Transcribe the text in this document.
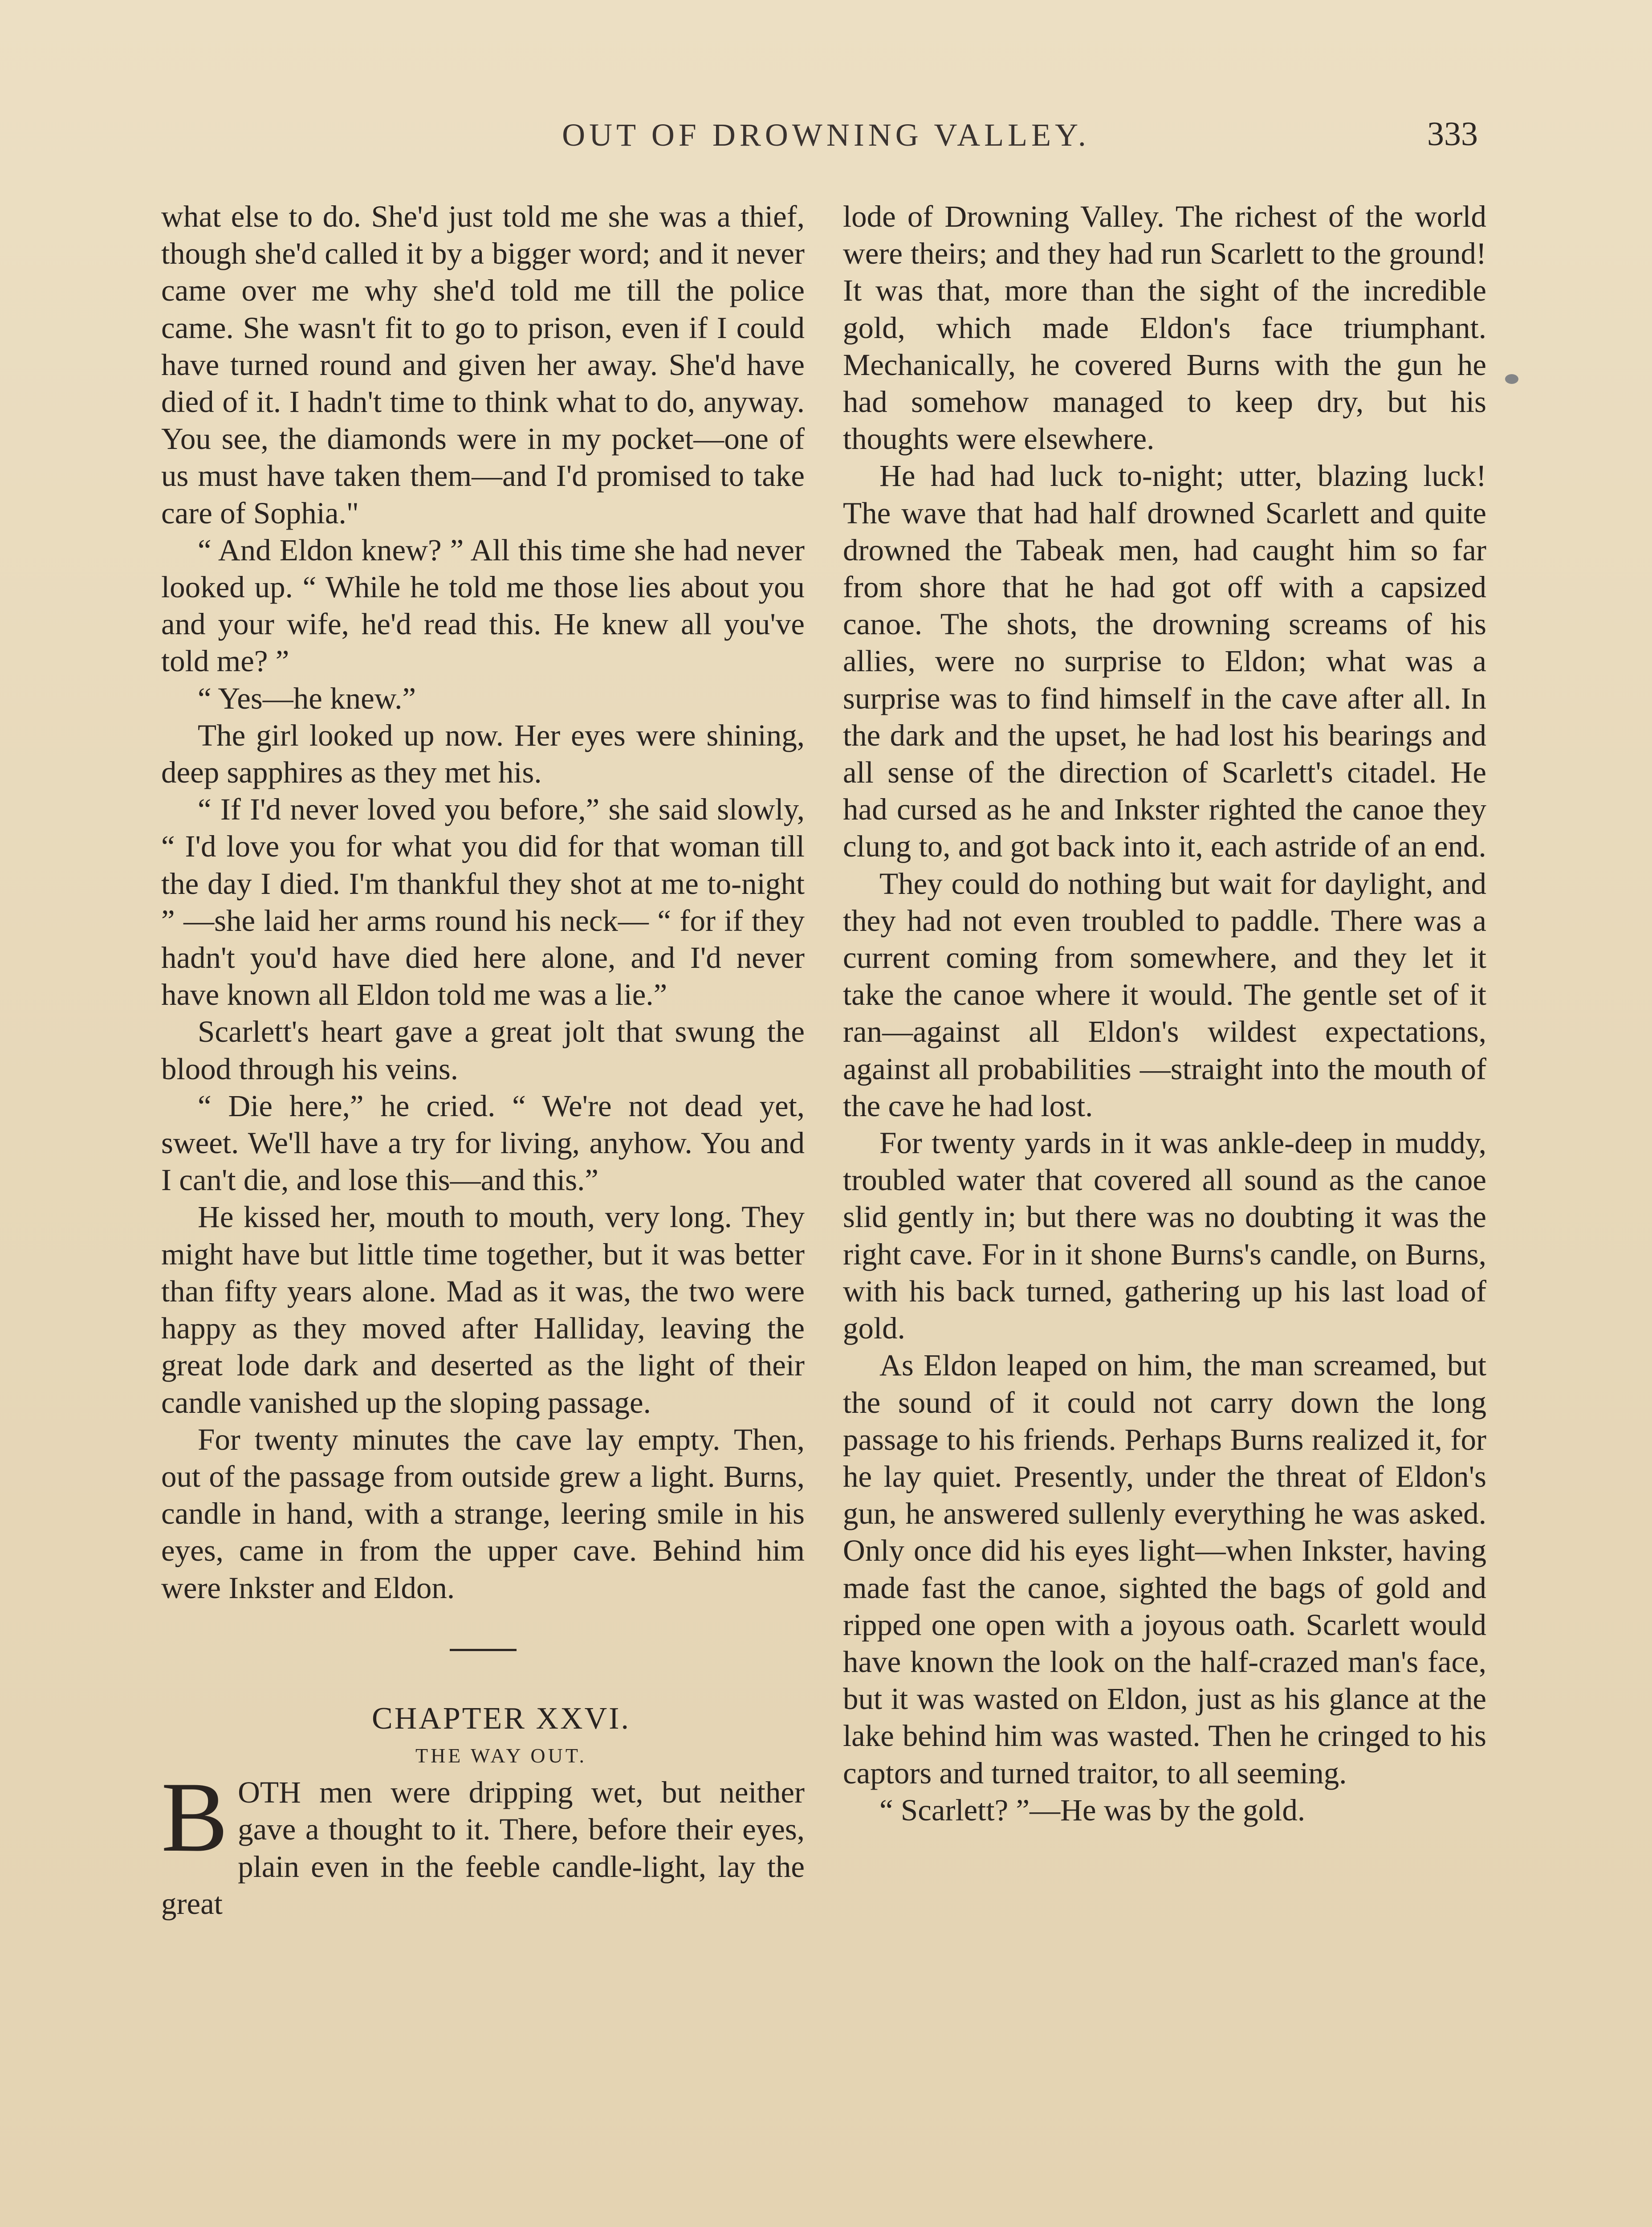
OUT OF DROWNING VALLEY.	333

what else to do. She'd just told me she was a thief, though she'd called it by a bigger word; and it never came over me why she'd told me till the police came. She wasn't fit to go to prison, even if I could have turned round and given her away. She'd have died of it. I hadn't time to think what to do, anyway. You see, the diamonds were in my pocket—one of us must have taken them—and I'd promised to take care of Sophia."

“ And Eldon knew? ” All this time she had never looked up. “ While he told me those lies about you and your wife, he'd read this. He knew all you've told me? ”

“ Yes—he knew.”

The girl looked up now. Her eyes were shining, deep sapphires as they met his.

“ If I'd never loved you before,” she said slowly, “ I'd love you for what you did for that woman till the day I died. I'm thankful they shot at me to-night ” —she laid her arms round his neck— “ for if they hadn't you'd have died here alone, and I'd never have known all Eldon told me was a lie.”

Scarlett's heart gave a great jolt that swung the blood through his veins.

“ Die here,” he cried. “ We're not dead yet, sweet. We'll have a try for living, anyhow. You and I can't die, and lose this—and this.”

He kissed her, mouth to mouth, very long. They might have but little time together, but it was better than fifty years alone. Mad as it was, the two were happy as they moved after Halliday, leaving the great lode dark and deserted as the light of their candle vanished up the sloping passage.

For twenty minutes the cave lay empty. Then, out of the passage from outside grew a light. Burns, candle in hand, with a strange, leering smile in his eyes, came in from the upper cave. Behind him were Inkster and Eldon.

CHAPTER XXVI.

THE WAY OUT.

BOTH men were dripping wet, but neither gave a thought to it. There, before their eyes, plain even in the feeble candle-light, lay the great

lode of Drowning Valley. The richest of the world were theirs; and they had run Scarlett to the ground! It was that, more than the sight of the incredible gold, which made Eldon's face triumphant. Mechanically, he covered Burns with the gun he had somehow managed to keep dry, but his thoughts were elsewhere.

He had had luck to-night; utter, blazing luck! The wave that had half drowned Scarlett and quite drowned the Tabeak men, had caught him so far from shore that he had got off with a capsized canoe. The shots, the drowning screams of his allies, were no surprise to Eldon; what was a surprise was to find himself in the cave after all. In the dark and the upset, he had lost his bearings and all sense of the direction of Scarlett's citadel. He had cursed as he and Inkster righted the canoe they clung to, and got back into it, each astride of an end.

They could do nothing but wait for daylight, and they had not even troubled to paddle. There was a current coming from somewhere, and they let it take the canoe where it would. The gentle set of it ran—against all Eldon's wildest expectations, against all probabilities —straight into the mouth of the cave he had lost.

For twenty yards in it was ankle-deep in muddy, troubled water that covered all sound as the canoe slid gently in; but there was no doubting it was the right cave. For in it shone Burns's candle, on Burns, with his back turned, gathering up his last load of gold.

As Eldon leaped on him, the man screamed, but the sound of it could not carry down the long passage to his friends. Perhaps Burns realized it, for he lay quiet. Presently, under the threat of Eldon's gun, he answered sullenly everything he was asked. Only once did his eyes light—when Inkster, having made fast the canoe, sighted the bags of gold and ripped one open with a joyous oath. Scarlett would have known the look on the half-crazed man's face, but it was wasted on Eldon, just as his glance at the lake behind him was wasted. Then he cringed to his captors and turned traitor, to all seeming.

“ Scarlett? ”—He was by the gold.
